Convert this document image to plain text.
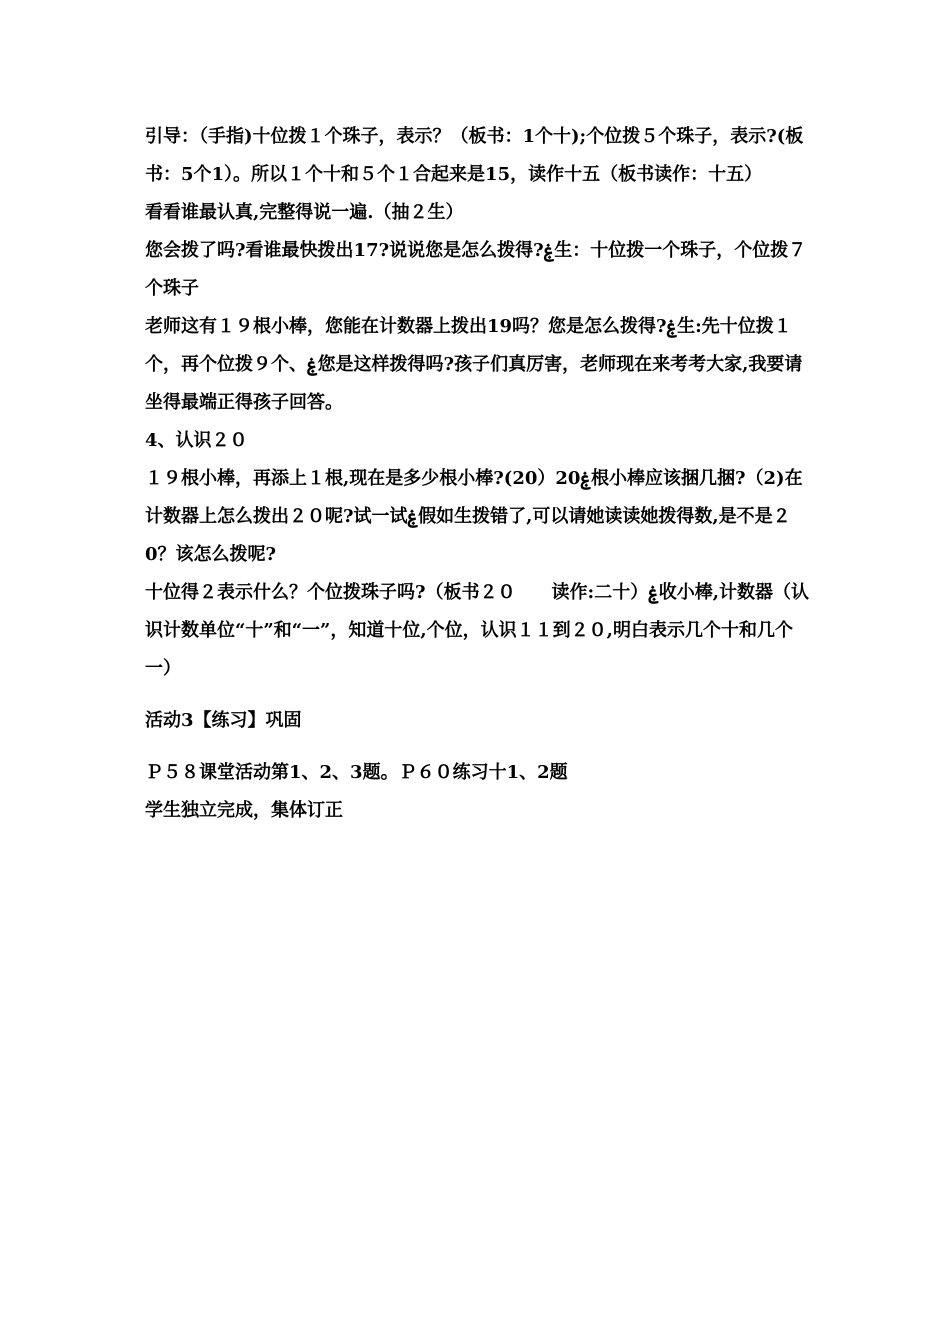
引导：（手指)十位拨１个珠子，表示？（板书：1个十);个位拨５个珠子，表示?(板书：5个1）。所以１个十和５个１合起来是15，读作十五（板书读作：十五）

看看谁最认真,完整得说一遍.（抽２生）

您会拨了吗?看谁最快拨出17?说说您是怎么拨得?ۼ生：十位拨一个珠子，个位拨７个珠子

老师这有１９根小棒，您能在计数器上拨出19吗？您是怎么拨得?ۼ生:先十位拨１个，再个位拨９个、ۼ您是这样拨得吗?孩子们真厉害，老师现在来考考大家,我要请坐得最端正得孩子回答。

4、认识２０

１９根小棒，再添上１根,现在是多少根小棒?(20）20ۼ根小棒应该捆几捆?（2)在计数器上怎么拨出２０呢?试一试ۼ假如生拨错了,可以请她读读她拨得数,是不是２0？该怎么拨呢?

十位得２表示什么？个位拨珠子吗?（板书２０　　读作:二十）ۼ收小棒,计数器（认识计数单位“十”和“一”，知道十位,个位，认识１１到２０,明白表示几个十和几个一）

活动3【练习】巩固

Ｐ５８课堂活动第1、2、3题。Ｐ６０练习十1、2题

学生独立完成，集体订正
